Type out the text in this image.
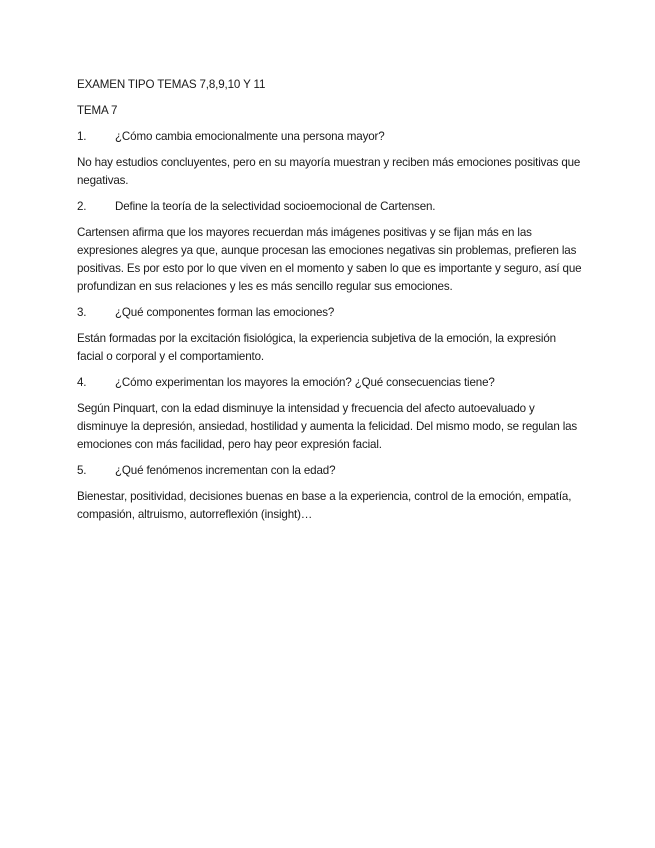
EXAMEN TIPO TEMAS 7,8,9,10 Y 11

TEMA 7

1.	¿Cómo cambia emocionalmente una persona mayor?

No hay estudios concluyentes, pero en su mayoría muestran y reciben más emociones positivas que negativas.

2.	Define la teoría de la selectividad socioemocional de Cartensen.

Cartensen afirma que los mayores recuerdan más imágenes positivas y se fijan más en las expresiones alegres ya que, aunque procesan las emociones negativas sin problemas, prefieren las positivas. Es por esto por lo que viven en el momento y saben lo que es importante y seguro, así que profundizan en sus relaciones y les es más sencillo regular sus emociones.

3.	¿Qué componentes forman las emociones?

Están formadas por la excitación fisiológica, la experiencia subjetiva de la emoción, la expresión facial o corporal y el comportamiento.

4.	¿Cómo experimentan los mayores la emoción? ¿Qué consecuencias tiene?

Según Pinquart, con la edad disminuye la intensidad y frecuencia del afecto autoevaluado y disminuye la depresión, ansiedad, hostilidad y aumenta la felicidad. Del mismo modo, se regulan las emociones con más facilidad, pero hay peor expresión facial.

5.	¿Qué fenómenos incrementan con la edad?

Bienestar, positividad, decisiones buenas en base a la experiencia, control de la emoción, empatía, compasión, altruismo, autorreflexión (insight)…
